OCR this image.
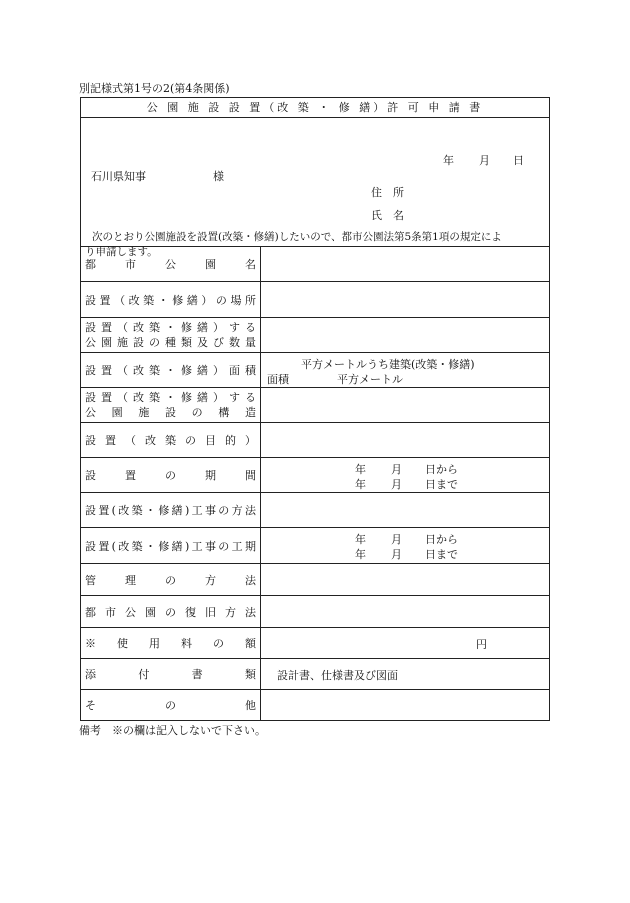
別記様式第1号の2(第4条関係)
公 園 施 設 設 置（改 築 ・ 修 繕）許 可 申 請 書
年 月 日
石川県知事	様
住　所
氏　名
次のとおり公園施設を設置(改築・修繕)したいので、都市公園法第5条第1項の規定によ
り申請します。
都市公園名
設置（改築・修繕）の場所
設置（改築・修繕）する
公園施設の種類及び数量
設置（改築・修繕）面積	平方メートルうち建築(改築・修繕)
面積	平方メートル
設置（改築・修繕）する
公園施設の構造
設置（改築の目的）
設置の期間	年 月 日から
年 月 日まで
設置(改築・修繕)工事の方法
設置(改築・修繕)工事の工期	年 月 日から
年 月 日まで
管理の方法
都市公園の復旧方法
※使用料の額	円
添付書類 設計書、仕様書及び図面
その他
備考　※の欄は記入しないで下さい。
